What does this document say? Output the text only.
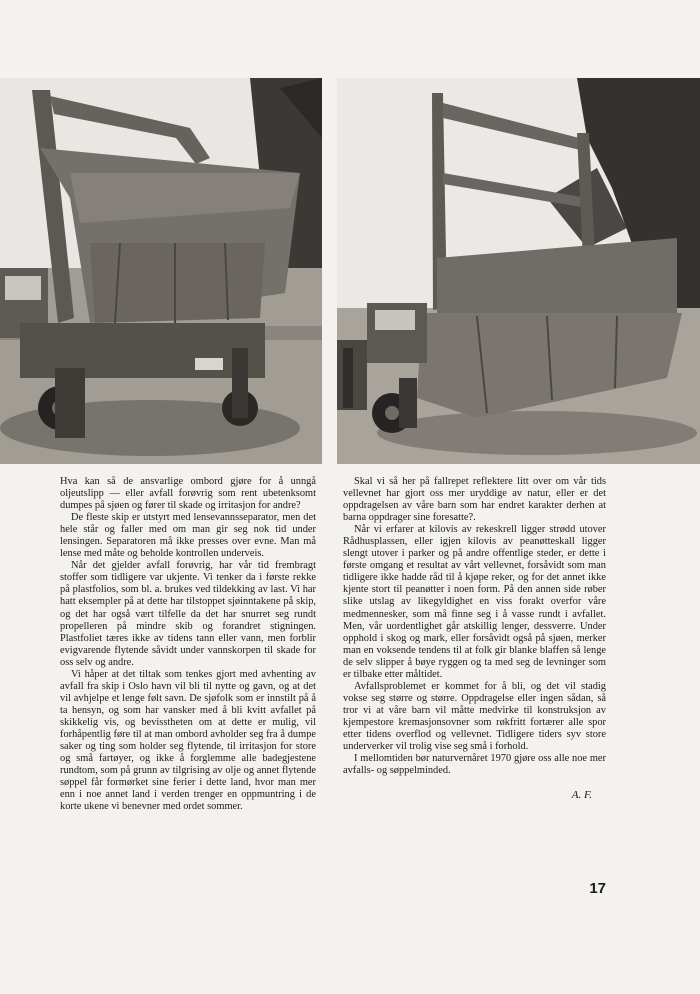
Hva kan så de ansvarlige ombord gjøre for å unngå oljeutslipp — eller avfall forøvrig som rent ubetenksomt dumpes på sjøen og fører til skade og irritasjon for andre?

De fleste skip er utstyrt med lensevannsseparator, men det hele står og faller med om man gir seg nok tid under lensingen. Separatoren må ikke presses over evne. Man må lense med måte og beholde kontrollen underveis.

Når det gjelder avfall forøvrig, har vår tid frembragt stoffer som tidligere var ukjente. Vi tenker da i første rekke på plastfolios, som bl. a. brukes ved tildekking av last. Vi har hatt eksempler på at dette har tilstoppet sjøinntakene på skip, og det har også vært tilfelle da det har snurret seg rundt propelleren på mindre skib og forandret stigningen. Plastfoliet tæres ikke av tidens tann eller vann, men forblir evigvarende flytende såvidt under vannskorpen til skade for oss selv og andre.

Vi håper at det tiltak som tenkes gjort med avhenting av avfall fra skip i Oslo havn vil bli til nytte og gavn, og at det vil avhjelpe et lenge følt savn. De sjøfolk som er innstilt på å ta hensyn, og som har vansker med å bli kvitt avfallet på skikkelig vis, og bevisstheten om at dette er mulig, vil forhåpentlig føre til at man ombord avholder seg fra å dumpe saker og ting som holder seg flytende, til irritasjon for store og små fartøyer, og ikke å forglemme alle badegjestene rundtom, som på grunn av tilgrising av olje og annet flytende søppel får formørket sine ferier i dette land, hvor man mer enn i noe annet land i verden trenger en oppmuntring i de korte ukene vi benevner med ordet sommer.

Skal vi så her på fallrepet reflektere litt over om vår tids vellevnet har gjort oss mer uryddige av natur, eller er det oppdragelsen av våre barn som har endret karakter derhen at barna oppdrager sine foresatte?.

Når vi erfarer at kilovis av rekeskrell ligger strødd utover Rådhusplassen, eller igjen kilovis av peanøtteskall ligger slengt utover i parker og på andre offentlige steder, er dette i første omgang et resultat av vårt vellevnet, forsåvidt som man tidligere ikke hadde råd til å kjøpe reker, og for det annet ikke kjente stort til peanøtter i noen form. På den annen side røber slike utslag av likegyldighet en viss forakt overfor våre medmennesker, som må finne seg i å vasse rundt i avfallet. Men, vår uordentlighet går atskillig lenger, dessverre. Under opphold i skog og mark, eller forsåvidt også på sjøen, merker man en voksende tendens til at folk gir blanke blaffen så lenge de selv slipper å bøye ryggen og ta med seg de levninger som er tilbake etter måltidet.

Avfallsproblemet er kommet for å bli, og det vil stadig vokse seg større og større. Oppdragelse eller ingen sådan, så tror vi at våre barn vil måtte medvirke til konstruksjon av kjempestore kremasjonsovner som røkfritt fortærer alle spor etter tidens overflod og vellevnet. Tidligere tiders syv store underverker vil trolig vise seg små i forhold.

I mellomtiden bør naturvernåret 1970 gjøre oss alle noe mer avfalls- og søppelminded.

A. F.
17
